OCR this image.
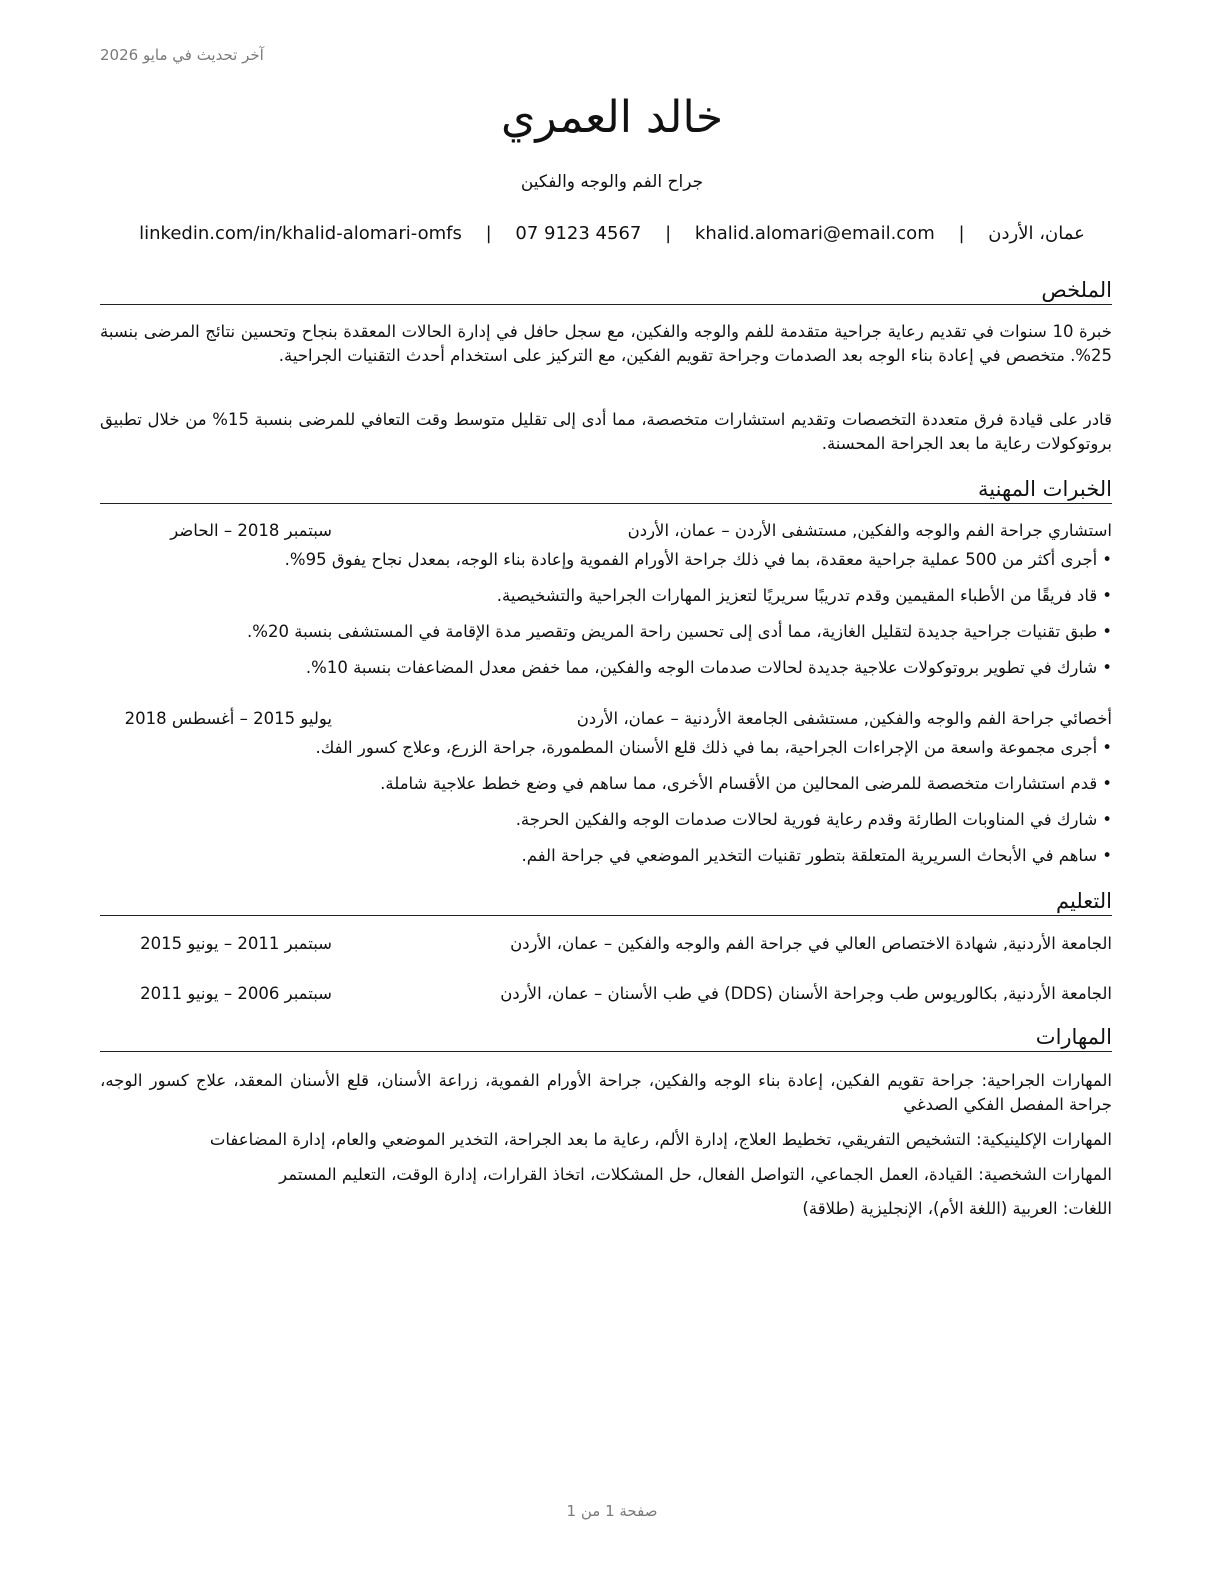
آخر تحديث في مايو 2026
خالد العمري
جراح الفم والوجه والفكين
عمان، الأردن | khalid.alomari@email.com | 07 9123 4567 | linkedin.com/in/khalid-alomari-omfs
الملخص
خبرة 10 سنوات في تقديم رعاية جراحية متقدمة للفم والوجه والفكين، مع سجل حافل في إدارة الحالات المعقدة بنجاح وتحسين نتائج المرضى بنسبة 25%. متخصص في إعادة بناء الوجه بعد الصدمات وجراحة تقويم الفكين، مع التركيز على استخدام أحدث التقنيات الجراحية.
قادر على قيادة فرق متعددة التخصصات وتقديم استشارات متخصصة، مما أدى إلى تقليل متوسط وقت التعافي للمرضى بنسبة 15% من خلال تطبيق بروتوكولات رعاية ما بعد الجراحة المحسنة.
الخبرات المهنية
استشاري جراحة الفم والوجه والفكين, مستشفى الأردن – عمان، الأردن
سبتمبر 2018 – الحاضر
•أجرى أكثر من 500 عملية جراحية معقدة، بما في ذلك جراحة الأورام الفموية وإعادة بناء الوجه، بمعدل نجاح يفوق 95%.
•قاد فريقًا من الأطباء المقيمين وقدم تدريبًا سريريًا لتعزيز المهارات الجراحية والتشخيصية.
•طبق تقنيات جراحية جديدة لتقليل الغازية، مما أدى إلى تحسين راحة المريض وتقصير مدة الإقامة في المستشفى بنسبة 20%.
•شارك في تطوير بروتوكولات علاجية جديدة لحالات صدمات الوجه والفكين، مما خفض معدل المضاعفات بنسبة 10%.
أخصائي جراحة الفم والوجه والفكين, مستشفى الجامعة الأردنية – عمان، الأردن
يوليو 2015 – أغسطس 2018
•أجرى مجموعة واسعة من الإجراءات الجراحية، بما في ذلك قلع الأسنان المطمورة، جراحة الزرع، وعلاج كسور الفك.
•قدم استشارات متخصصة للمرضى المحالين من الأقسام الأخرى، مما ساهم في وضع خطط علاجية شاملة.
•شارك في المناوبات الطارئة وقدم رعاية فورية لحالات صدمات الوجه والفكين الحرجة.
•ساهم في الأبحاث السريرية المتعلقة بتطور تقنيات التخدير الموضعي في جراحة الفم.
التعليم
الجامعة الأردنية, شهادة الاختصاص العالي في جراحة الفم والوجه والفكين – عمان، الأردن
سبتمبر 2011 – يونيو 2015
الجامعة الأردنية, بكالوريوس طب وجراحة الأسنان (DDS) في طب الأسنان – عمان، الأردن
سبتمبر 2006 – يونيو 2011
المهارات
المهارات الجراحية: جراحة تقويم الفكين، إعادة بناء الوجه والفكين، جراحة الأورام الفموية، زراعة الأسنان، قلع الأسنان المعقد، علاج كسور الوجه، جراحة المفصل الفكي الصدغي
المهارات الإكلينيكية: التشخيص التفريقي، تخطيط العلاج، إدارة الألم، رعاية ما بعد الجراحة، التخدير الموضعي والعام، إدارة المضاعفات
المهارات الشخصية: القيادة، العمل الجماعي، التواصل الفعال، حل المشكلات، اتخاذ القرارات، إدارة الوقت، التعليم المستمر
اللغات: العربية (اللغة الأم)، الإنجليزية (طلاقة)
صفحة 1 من 1
